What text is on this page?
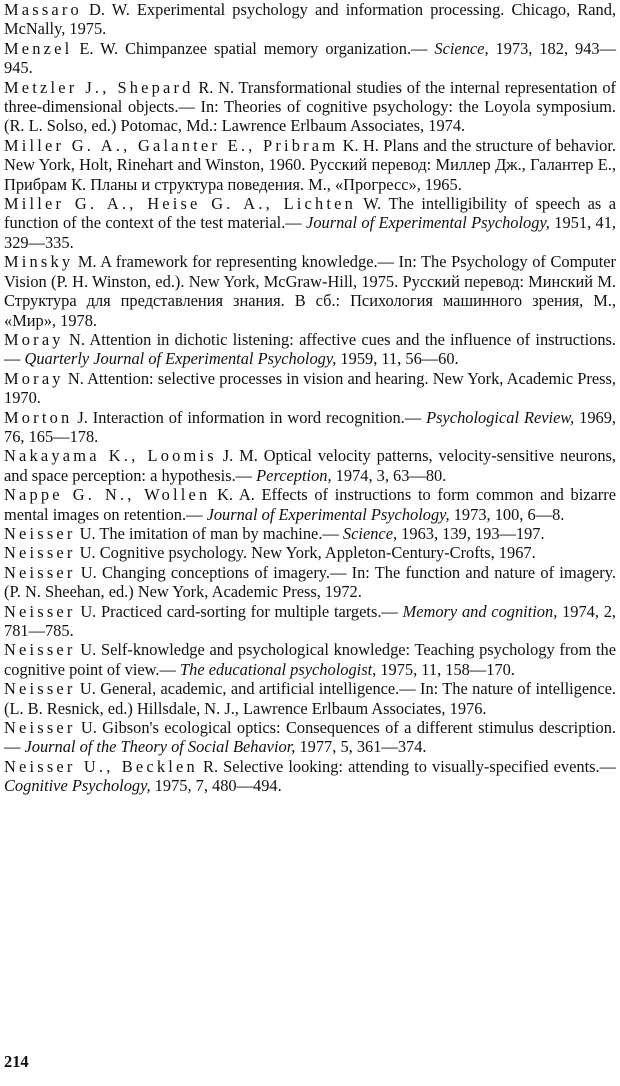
Massaro D. W. Experimental psychology and information processing. Chicago, Rand, McNally, 1975.

Menzel E. W. Chimpanzee spatial memory organization.— Science, 1973, 182, 943—945.

Metzler J., Shepard R. N. Transformational studies of the internal representation of three-dimensional objects.— In: Theories of cognitive psychology: the Loyola symposium. (R. L. Solso, ed.) Potomac, Md.: Lawrence Erlbaum Associates, 1974.

Miller G. A., Galanter E., Pribram K. H. Plans and the structure of behavior. New York, Holt, Rinehart and Winston, 1960. Русский перевод: Миллер Дж., Галантер Е., Прибрам К. Планы и структура поведения. М., «Прогресс», 1965.

Miller G. A., Heise G. A., Lichten W. The intelligibility of speech as a function of the context of the test material.— Journal of Experimental Psychology, 1951, 41, 329—335.

Minsky M. A framework for representing knowledge.— In: The Psychology of Computer Vision (P. H. Winston, ed.). New York, McGraw-Hill, 1975. Русский перевод: Минский М. Структура для представления знания. В сб.: Психология машинного зрения, М., «Мир», 1978.

Moray N. Attention in dichotic listening: affective cues and the influence of instructions.— Quarterly Journal of Experimental Psychology, 1959, 11, 56—60.

Moray N. Attention: selective processes in vision and hearing. New York, Academic Press, 1970.

Morton J. Interaction of information in word recognition.— Psychological Review, 1969, 76, 165—178.

Nakayama K., Loomis J. M. Optical velocity patterns, velocity-sensitive neurons, and space perception: a hypothesis.— Perception, 1974, 3, 63—80.

Nappe G. N., Wollen K. A. Effects of instructions to form common and bizarre mental images on retention.— Journal of Experimental Psychology, 1973, 100, 6—8.

Neisser U. The imitation of man by machine.— Science, 1963, 139, 193—197.

Neisser U. Cognitive psychology. New York, Appleton-Century-Crofts, 1967.

Neisser U. Changing conceptions of imagery.— In: The function and nature of imagery. (P. N. Sheehan, ed.) New York, Academic Press, 1972.

Neisser U. Practiced card-sorting for multiple targets.— Memory and cognition, 1974, 2, 781—785.

Neisser U. Self-knowledge and psychological knowledge: Teaching psychology from the cognitive point of view.— The educational psychologist, 1975, 11, 158—170.

Neisser U. General, academic, and artificial intelligence.— In: The nature of intelligence. (L. B. Resnick, ed.) Hillsdale, N. J., Lawrence Erlbaum Associates, 1976.

Neisser U. Gibson's ecological optics: Consequences of a different stimulus description.— Journal of the Theory of Social Behavior, 1977, 5, 361—374.

Neisser U., Becklen R. Selective looking: attending to visually-specified events.— Cognitive Psychology, 1975, 7, 480—494.

214
